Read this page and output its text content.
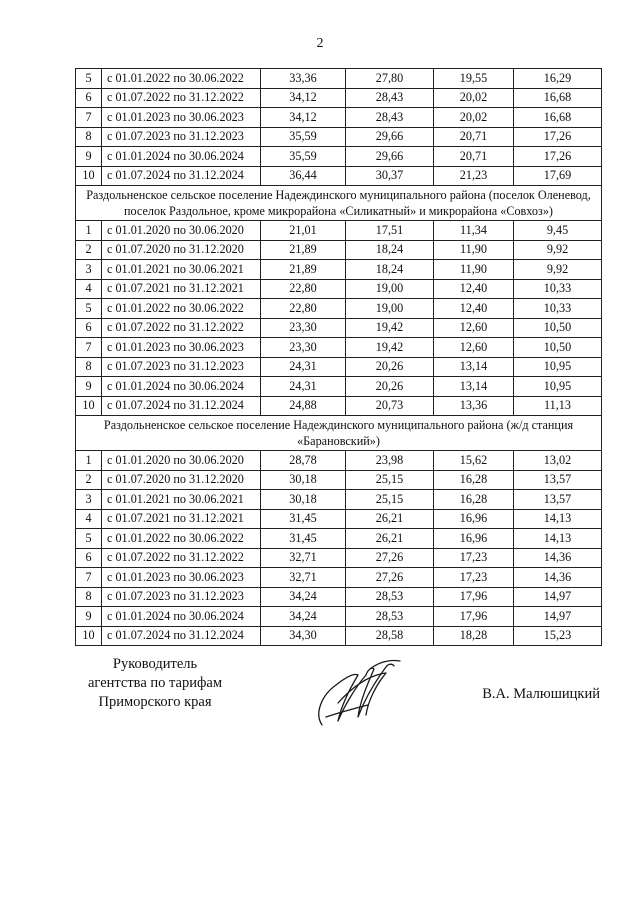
2
5	с 01.01.2022 по 30.06.2022	33,36	27,80	19,55	16,29
6	с 01.07.2022 по 31.12.2022	34,12	28,43	20,02	16,68
7	с 01.01.2023 по 30.06.2023	34,12	28,43	20,02	16,68
8	с 01.07.2023 по 31.12.2023	35,59	29,66	20,71	17,26
9	с 01.01.2024 по 30.06.2024	35,59	29,66	20,71	17,26
10	с 01.07.2024 по 31.12.2024	36,44	30,37	21,23	17,69
Раздольненское сельское поселение Надеждинского муниципального района (поселок Оленевод, поселок Раздольное, кроме микрорайона «Силикатный» и микрорайона «Совхоз»)					
1	с 01.01.2020 по 30.06.2020	21,01	17,51	11,34	9,45
2	с 01.07.2020 по 31.12.2020	21,89	18,24	11,90	9,92
3	с 01.01.2021 по 30.06.2021	21,89	18,24	11,90	9,92
4	с 01.07.2021 по 31.12.2021	22,80	19,00	12,40	10,33
5	с 01.01.2022 по 30.06.2022	22,80	19,00	12,40	10,33
6	с 01.07.2022 по 31.12.2022	23,30	19,42	12,60	10,50
7	с 01.01.2023 по 30.06.2023	23,30	19,42	12,60	10,50
8	с 01.07.2023 по 31.12.2023	24,31	20,26	13,14	10,95
9	с 01.01.2024 по 30.06.2024	24,31	20,26	13,14	10,95
10	с 01.07.2024 по 31.12.2024	24,88	20,73	13,36	11,13
Раздольненское сельское поселение Надеждинского муниципального района (ж/д станция «Барановский»)					
1	с 01.01.2020 по 30.06.2020	28,78	23,98	15,62	13,02
2	с 01.07.2020 по 31.12.2020	30,18	25,15	16,28	13,57
3	с 01.01.2021 по 30.06.2021	30,18	25,15	16,28	13,57
4	с 01.07.2021 по 31.12.2021	31,45	26,21	16,96	14,13
5	с 01.01.2022 по 30.06.2022	31,45	26,21	16,96	14,13
6	с 01.07.2022 по 31.12.2022	32,71	27,26	17,23	14,36
7	с 01.01.2023 по 30.06.2023	32,71	27,26	17,23	14,36
8	с 01.07.2023 по 31.12.2023	34,24	28,53	17,96	14,97
9	с 01.01.2024 по 30.06.2024	34,24	28,53	17,96	14,97
10	с 01.07.2024 по 31.12.2024	34,30	28,58	18,28	15,23
Руководитель
агентства по тарифам
Приморского края	В.А. Малюшицкий
